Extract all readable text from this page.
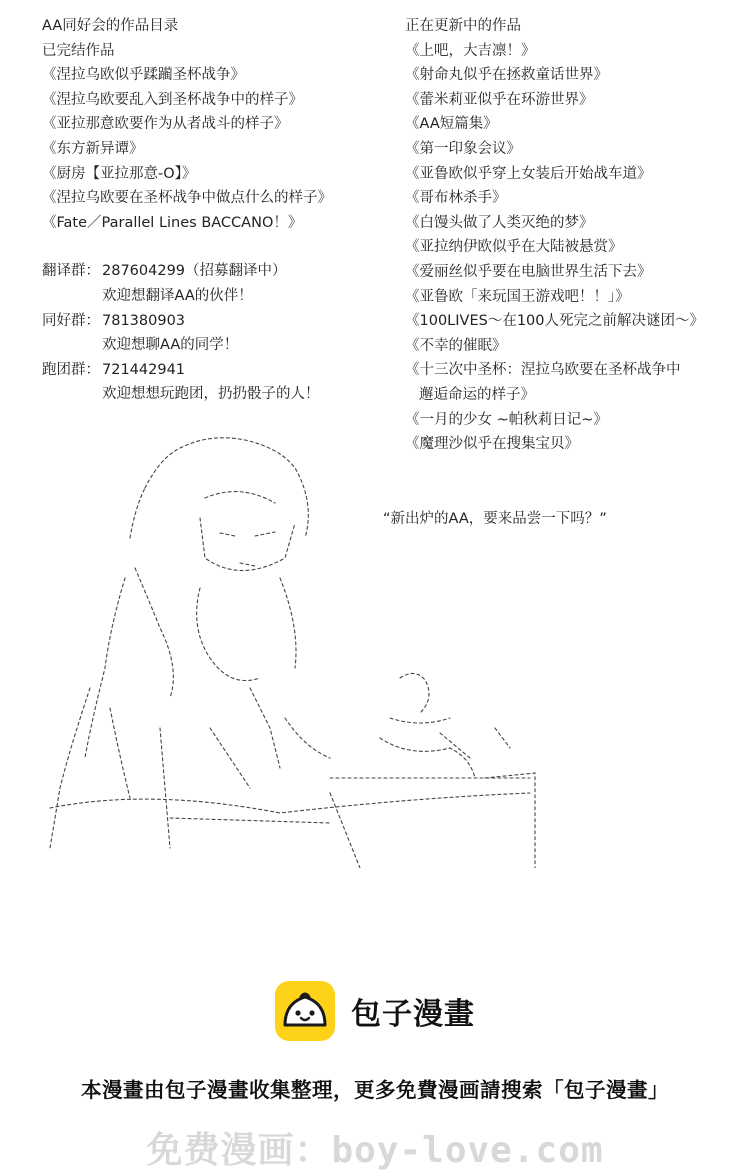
AA同好会的作品目录
已完结作品
《涅拉乌欧似乎蹂躏圣杯战争》
《涅拉乌欧要乱入到圣杯战争中的样子》
《亚拉那意欧要作为从者战斗的样子》
《东方新异谭》
《厨房【亚拉那意-O】》
《涅拉乌欧要在圣杯战争中做点什么的样子》
《Fate／Parallel Lines BACCANO！》
翻译群： 287604299（招募翻译中）
欢迎想翻译AA的伙伴！
同好群： 781380903
欢迎想聊AA的同学！
跑团群： 721442941
欢迎想想玩跑团，扔扔骰子的人！
正在更新中的作品
《上吧，大吉凛！》
《射命丸似乎在拯救童话世界》
《蕾米莉亚似乎在环游世界》
《AA短篇集》
《第一印象会议》
《亚鲁欧似乎穿上女装后开始战车道》
《哥布林杀手》
《白馒头做了人类灭绝的梦》
《亚拉纳伊欧似乎在大陆被悬赏》
《爱丽丝似乎要在电脑世界生活下去》
《亚鲁欧「来玩国王游戏吧！！」》
《100LIVES～在100人死完之前解决谜团～》
《不幸的催眠》
《十三次中圣杯：涅拉乌欧要在圣杯战争中
邂逅命运的样子》
《一月的少女 ~帕秋莉日记~》
《魔理沙似乎在搜集宝贝》
“新出炉的AA，要来品尝一下吗？”
包子漫畫
本漫畫由包子漫畫收集整理，更多免費漫画請搜索「包子漫畫」
免费漫画：boy-love.com
